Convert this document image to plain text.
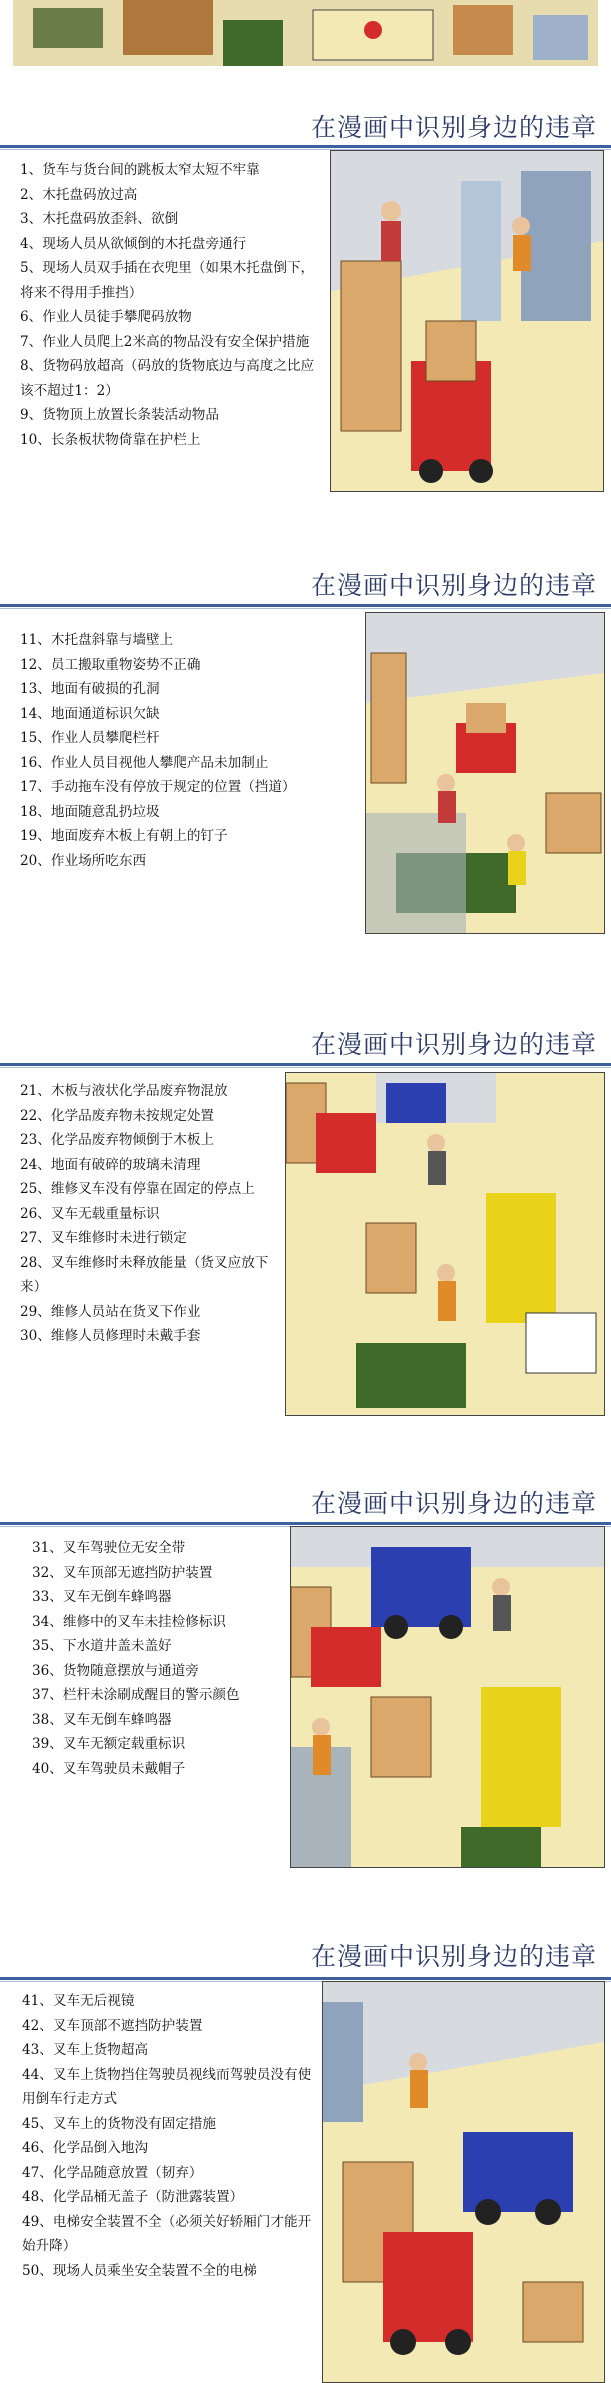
在漫画中识别身边的违章
1、货车与货台间的跳板太窄太短不牢靠
2、木托盘码放过高
3、木托盘码放歪斜、欲倒
4、现场人员从欲倾倒的木托盘旁通行
5、现场人员双手插在衣兜里（如果木托盘倒下，将来不得用手推挡）
6、作业人员徒手攀爬码放物
7、作业人员爬上2米高的物品没有安全保护措施
8、货物码放超高（码放的货物底边与高度之比应该不超过1：2）
9、货物顶上放置长条装活动物品
10、长条板状物倚靠在护栏上
在漫画中识别身边的违章
11、木托盘斜靠与墙壁上
12、员工搬取重物姿势不正确
13、地面有破损的孔洞
14、地面通道标识欠缺
15、作业人员攀爬栏杆
16、作业人员目视他人攀爬产品未加制止
17、手动拖车没有停放于规定的位置（挡道）
18、地面随意乱扔垃圾
19、地面废弃木板上有朝上的钉子
20、作业场所吃东西
在漫画中识别身边的违章
21、木板与液状化学品废弃物混放
22、化学品废弃物未按规定处置
23、化学品废弃物倾倒于木板上
24、地面有破碎的玻璃未清理
25、维修叉车没有停靠在固定的停点上
26、叉车无载重量标识
27、叉车维修时未进行锁定
28、叉车维修时未释放能量（货叉应放下来）
29、维修人员站在货叉下作业
30、维修人员修理时未戴手套
在漫画中识别身边的违章
31、叉车驾驶位无安全带
32、叉车顶部无遮挡防护装置
33、叉车无倒车蜂鸣器
34、维修中的叉车未挂检修标识
35、下水道井盖未盖好
36、货物随意摆放与通道旁
37、栏杆未涂刷成醒目的警示颜色
38、叉车无倒车蜂鸣器
39、叉车无额定载重标识
40、叉车驾驶员未戴帽子
在漫画中识别身边的违章
41、叉车无后视镜
42、叉车顶部不遮挡防护装置
43、叉车上货物超高
44、叉车上货物挡住驾驶员视线而驾驶员没有使用倒车行走方式
45、叉车上的货物没有固定措施
46、化学品倒入地沟
47、化学品随意放置（韧弃）
48、化学品桶无盖子（防泄露装置）
49、电梯安全装置不全（必须关好轿厢门才能开始升降）
50、现场人员乘坐安全装置不全的电梯
